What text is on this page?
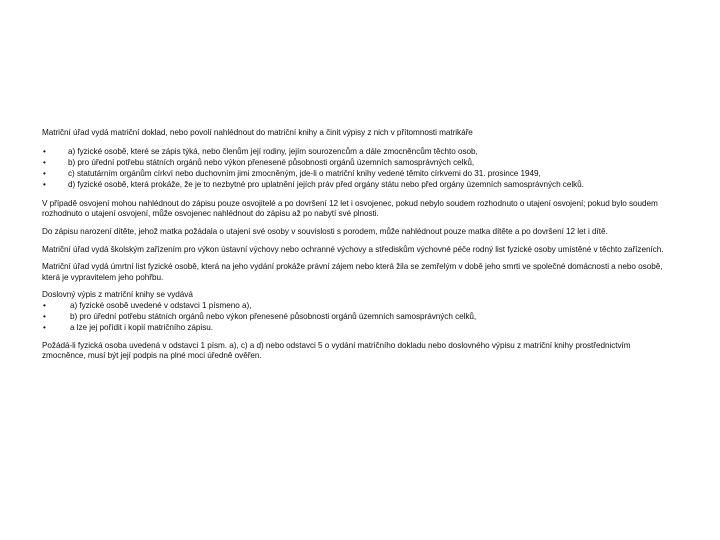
Matriční úřad vydá matriční doklad, nebo povolí nahlédnout do matriční knihy a činit výpisy z nich v přítomnosti matrikáře

•	a) fyzické osobě, které se zápis týká, nebo členům její rodiny, jejím sourozencům a dále zmocněncům těchto osob,
•	b) pro úřední potřebu státních orgánů nebo výkon přenesené působnosti orgánů územních samosprávných celků,
•	c) statutárním orgánům církví nebo duchovním jimi zmocněným, jde-li o matriční knihy vedené těmito církvemi do 31. prosince 1949,
•	d) fyzické osobě, která prokáže, že je to nezbytné pro uplatnění jejích práv před orgány státu nebo před orgány územních samosprávných celků.

V případě osvojení mohou nahlédnout do zápisu pouze osvojitelé a po dovršení 12 let i osvojenec, pokud nebylo soudem rozhodnuto o utajení osvojení; pokud bylo soudem rozhodnuto o utajení osvojení, může osvojenec nahlédnout do zápisu až po nabytí své plnosti.

Do zápisu narození dítěte, jehož matka požádala o utajení své osoby v souvislosti s porodem, může nahlédnout pouze matka dítěte a po dovršení 12 let i dítě.

Matriční úřad vydá školským zařízením pro výkon ústavní výchovy nebo ochranné výchovy a střediskům výchovné péče rodný list fyzické osoby umístěné v těchto zařízeních.

Matriční úřad vydá úmrtní list fyzické osobě, která na jeho vydání prokáže právní zájem nebo která žila se zemřelým v době jeho smrti ve společné domácnosti a nebo osobě, která je vypravitelem jeho pohřbu.

Doslovný výpis z matriční knihy se vydává

•	a) fyzické osobě uvedené v odstavci 1 písmeno a),
•	b) pro úřední potřebu státních orgánů nebo výkon přenesené působnosti orgánů územních samosprávných celků,
•	a lze jej pořídit i kopií matričního zápisu.

Požádá-li fyzická osoba uvedená v odstavci 1 písm. a), c) a d) nebo odstavci 5 o vydání matričního dokladu nebo doslovného výpisu z matriční knihy prostřednictvím zmocněnce, musí být její podpis na plné moci úředně ověřen.
